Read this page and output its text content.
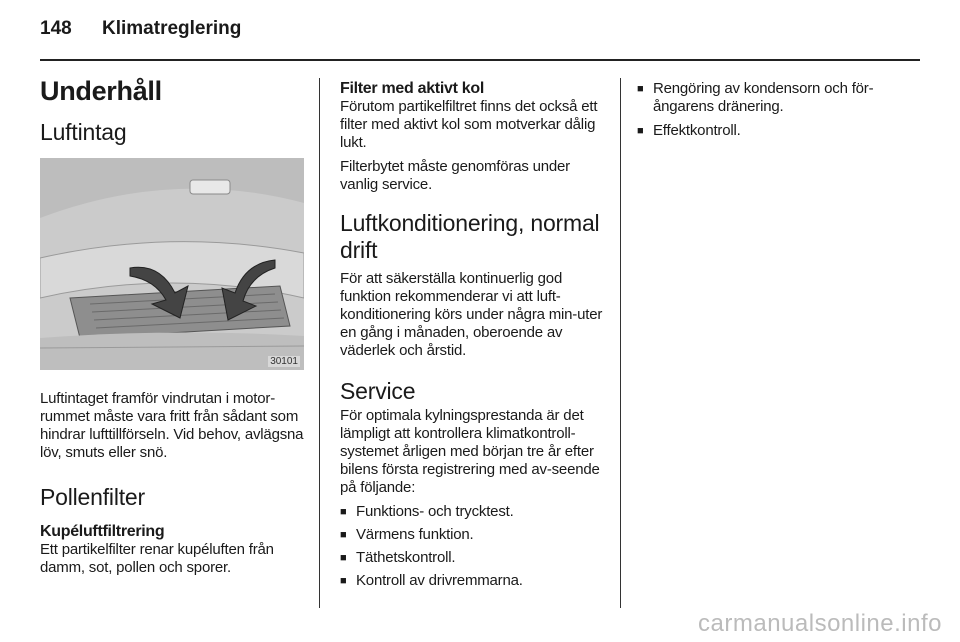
148 Klimatreglering
Underhåll
Luftintag
30101

Luftintaget framför vindrutan i motor-rummet måste vara fritt från sådant som hindrar lufttillförseln. Vid behov, avlägsna löv, smuts eller snö.

Pollenfilter
Kupéluftfiltrering

Ett partikelfilter renar kupéluften från damm, sot, pollen och sporer.

Filter med aktivt kol

Förutom partikelfiltret finns det också ett filter med aktivt kol som motverkar dålig lukt.

Filterbytet måste genomföras under vanlig service.

Luftkonditionering, normal drift

För att säkerställa kontinuerlig god funktion rekommenderar vi att luft-konditionering körs under några min-uter en gång i månaden, oberoende av väderlek och årstid.

Service

För optimala kylningsprestanda är det lämpligt att kontrollera klimatkontroll-systemet årligen med början tre år efter bilens första registrering med av-seende på följande:

■ Funktions- och trycktest.
■ Värmens funktion.
■ Täthetskontroll.
■ Kontroll av drivremmarna.
■ Rengöring av kondensorn och för-ångarens dränering.
■ Effektkontroll.
carmanualsonline.info
